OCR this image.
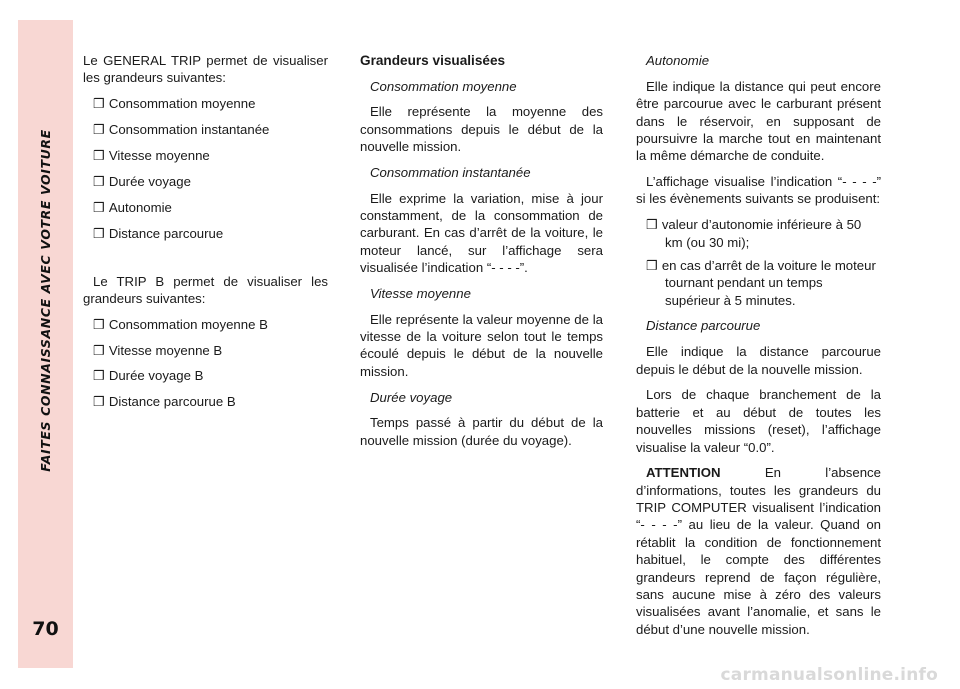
FAITES CONNAISSANCE AVEC VOTRE VOITURE
70

Le GENERAL TRIP permet de visualiser les grandeurs suivantes:

❒ Consommation moyenne
❒ Consommation instantanée
❒ Vitesse moyenne
❒ Durée voyage
❒ Autonomie
❒ Distance parcourue

Le TRIP B permet de visualiser les grandeurs suivantes:

❒ Consommation moyenne B
❒ Vitesse moyenne B
❒ Durée voyage B
❒ Distance parcourue B
Grandeurs visualisées
Consommation moyenne

Elle représente la moyenne des consommations depuis le début de la nouvelle mission.

Consommation instantanée

Elle exprime la variation, mise à jour constamment, de la consommation de carburant. En cas d’arrêt de la voiture, le moteur lancé, sur l’affichage sera visualisée l’indication “- - - -”.

Vitesse moyenne

Elle représente la valeur moyenne de la vitesse de la voiture selon tout le temps écoulé depuis le début de la nouvelle mission.

Durée voyage

Temps passé à partir du début de la nouvelle mission (durée du voyage).

Autonomie

Elle indique la distance qui peut encore être parcourue avec le carburant présent dans le réservoir, en supposant de poursuivre la marche tout en maintenant la même démarche de conduite.

L’affichage visualise l’indication “- - - -” si les évènements suivants se produisent:

❒ valeur d’autonomie inférieure à 50 km (ou 30 mi);
❒ en cas d’arrêt de la voiture le moteur tournant pendant un temps supérieur à 5 minutes.
Distance parcourue

Elle indique la distance parcourue depuis le début de la nouvelle mission.

Lors de chaque branchement de la batterie et au début de toutes les nouvelles missions (reset), l’affichage visualise la valeur “0.0”.

ATTENTION	En l’absence d’informations, toutes les grandeurs du TRIP COMPUTER visualisent l’indication “- - - -” au lieu de la valeur. Quand on rétablit la condition de fonctionnement habituel, le compte des différentes grandeurs reprend de façon régulière, sans aucune mise à zéro des valeurs visualisées avant l’anomalie, et sans le début d’une nouvelle mission.

carmanualsonline.info
